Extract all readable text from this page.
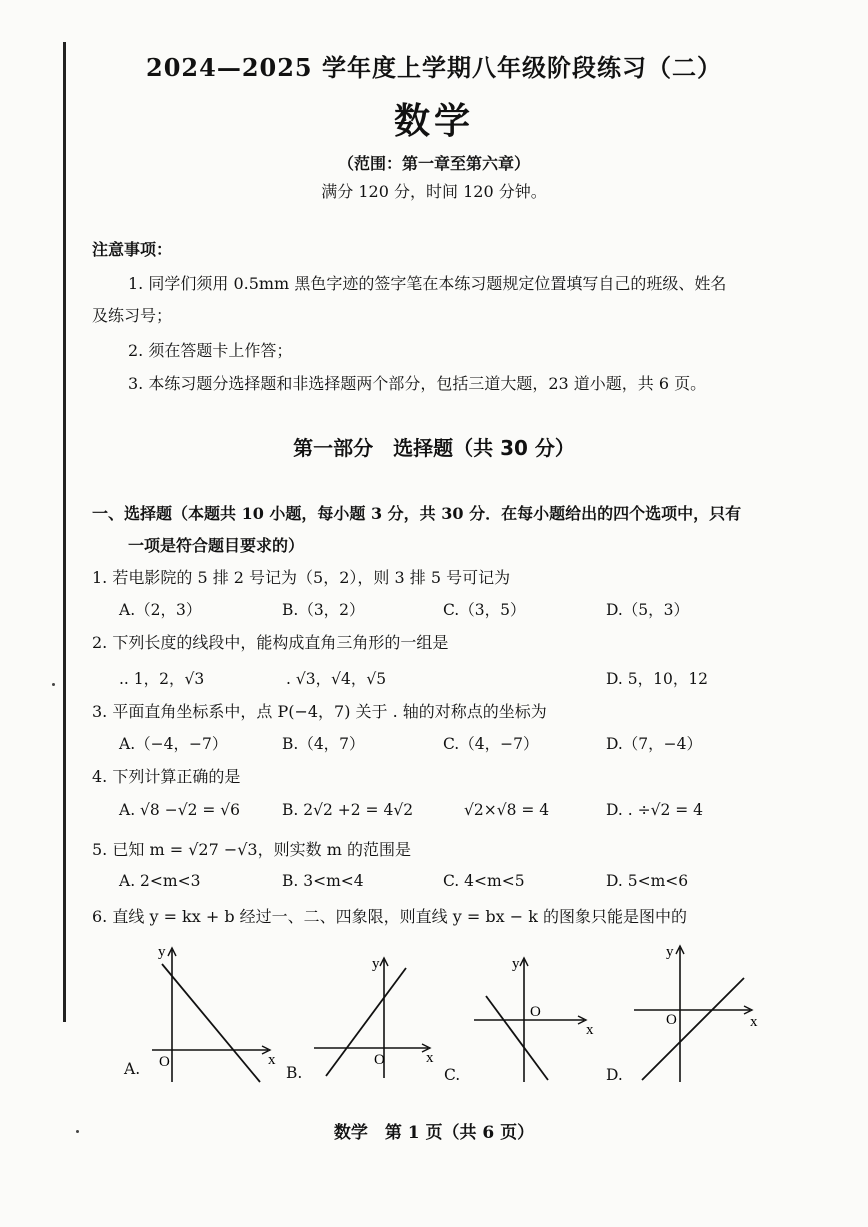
2024—2025 学年度上学期八年级阶段练习（二）
数学
（范围：第一章至第六章）
满分 120 分，时间 120 分钟。
注意事项：
1. 同学们须用 0.5mm 黑色字迹的签字笔在本练习题规定位置填写自己的班级、姓名
及练习号；
2. 须在答题卡上作答；
3. 本练习题分选择题和非选择题两个部分，包括三道大题，23 道小题，共 6 页。
第一部分　选择题（共 30 分）
一、选择题（本题共 10 小题，每小题 3 分，共 30 分．在每小题给出的四个选项中，只有
一项是符合题目要求的）
1. 若电影院的 5 排 2 号记为（5，2），则 3 排 5 号可记为
A.（2，3）	B.（3，2）	C.（3，5）	D.（5，3）
2. 下列长度的线段中，能构成直角三角形的一组是
.. 1，2，√3	. √3，√4，√5	D. 5，10，12
3. 平面直角坐标系中，点 P(−4，7) 关于 . 轴的对称点的坐标为
A.（−4，−7）	B.（4，7）	C.（4，−7）	D.（7，−4）
4. 下列计算正确的是
A. √8 −√2 = √6	B. 2√2 +2 = 4√2	√2×√8 = 4	D. . ÷√2 = 4
5. 已知 m = √27 −√3，则实数 m 的范围是
A. 2<m<3	B. 3<m<4	C. 4<m<5	D. 5<m<6
6. 直线 y = kx + b 经过一、二、四象限，则直线 y = bx − k 的图象只能是图中的
y
x
O
A.
y
x
O
B.
y
x
O
C.
y
x
O
D.
数学　第 1 页（共 6 页）
